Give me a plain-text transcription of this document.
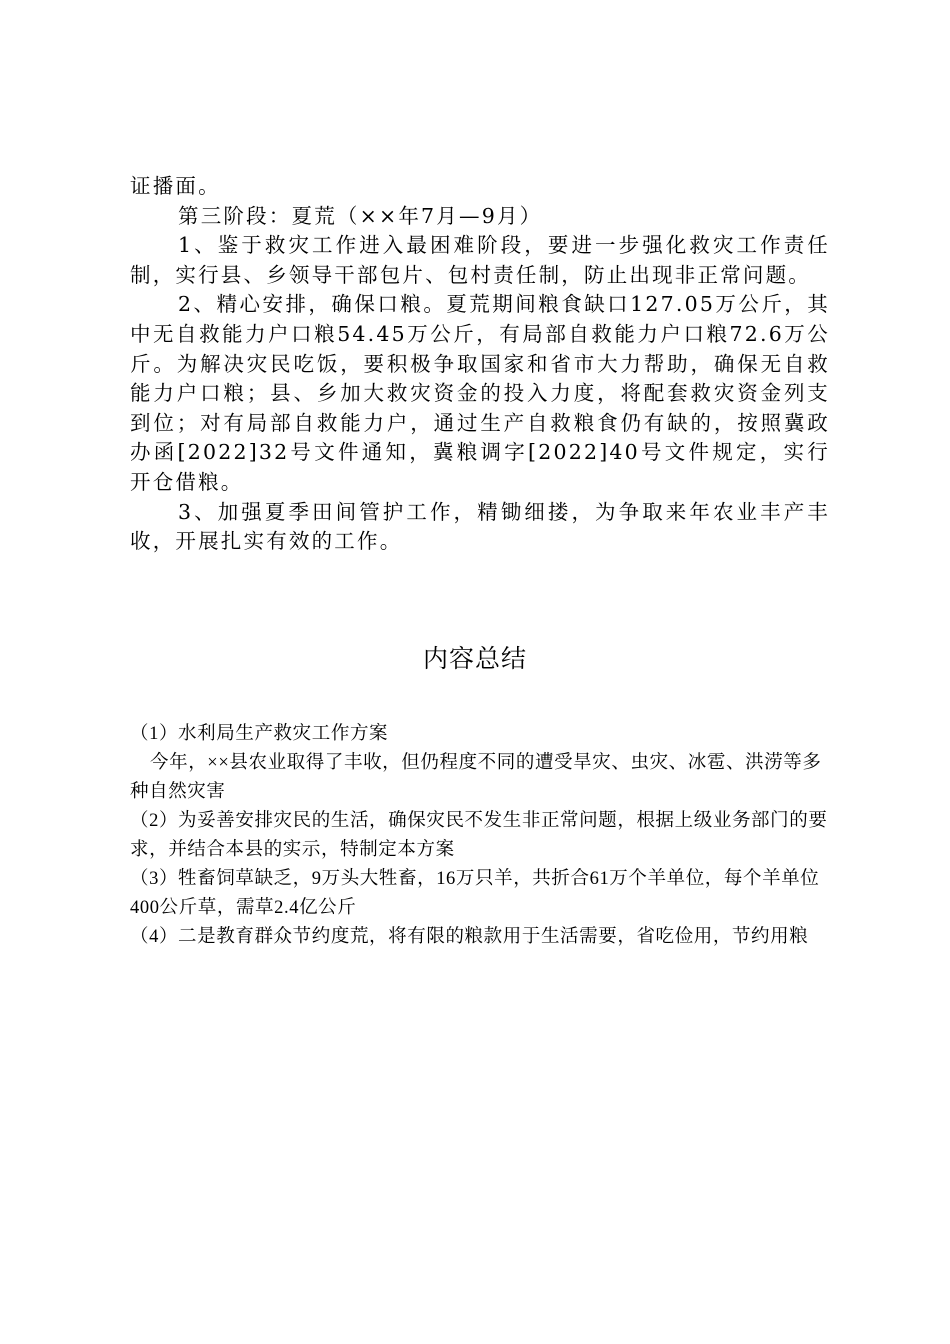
证播面。

第三阶段：夏荒（××年7月—9月）

1、鉴于救灾工作进入最困难阶段，要进一步强化救灾工作责任制，实行县、乡领导干部包片、包村责任制，防止出现非正常问题。

2、精心安排，确保口粮。夏荒期间粮食缺口127.05万公斤，其中无自救能力户口粮54.45万公斤，有局部自救能力户口粮72.6万公斤。为解决灾民吃饭，要积极争取国家和省市大力帮助，确保无自救能力户口粮；县、乡加大救灾资金的投入力度，将配套救灾资金列支到位；对有局部自救能力户，通过生产自救粮食仍有缺的，按照冀政办函[2022]32号文件通知，冀粮调字[2022]40号文件规定，实行开仓借粮。

3、加强夏季田间管护工作，精锄细搂，为争取来年农业丰产丰收，开展扎实有效的工作。

内容总结

（1）水利局生产救灾工作方案

今年，××县农业取得了丰收，但仍程度不同的遭受旱灾、虫灾、冰雹、洪涝等多种自然灾害

（2）为妥善安排灾民的生活，确保灾民不发生非正常问题，根据上级业务部门的要求，并结合本县的实示，特制定本方案

（3）牲畜饲草缺乏，9万头大牲畜，16万只羊，共折合61万个羊单位，每个羊单位400公斤草，需草2.4亿公斤

（4）二是教育群众节约度荒，将有限的粮款用于生活需要，省吃俭用，节约用粮
